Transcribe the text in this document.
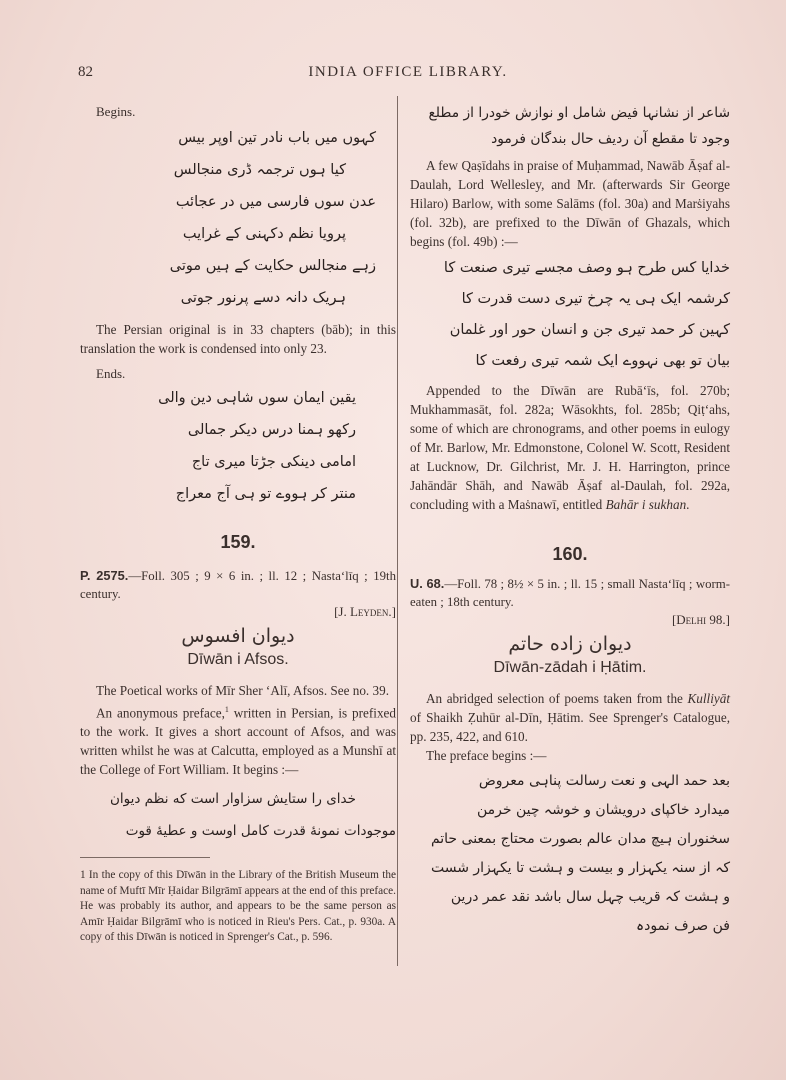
82	INDIA OFFICE LIBRARY.

Begins.

کہوں میں باب نادر تین اوپر بیس
کیا ہوں ترجمہ ڈری منجالس
عدن سوں فارسی میں در عجائب
پرویا نظم دکہنی کے غرایب
زہے منجالس حکایت کے ہیں موتی
ہریک دانہ دسے پرنور جوتی

The Persian original is in 33 chapters (bāb); in this translation the work is condensed into only 23.

Ends.

یقین ایمان سوں شاہی دین والی
رکھو ہمنا درس دیکر جمالی
امامی دینکی جڑتا میری تاج
منتر کر ہووے تو ہی آج معراج
159.

P. 2575.—Foll. 305 ; 9 × 6 in. ; ll. 12 ; Nastaʻlīq ; 19th century.

[J. Leyden.]

دیوان افسوس
Dīwān i Afsos.

The Poetical works of Mīr Sher ʻAlī, Afsos. See no. 39.

An anonymous preface,$^1$ written in Persian, is prefixed to the work. It gives a short account of Afsos, and was written whilst he was at Calcutta, employed as a Munshī at the College of Fort William. It begins :—

خدای را ستایش سزاوار است که نظم دیوان
موجودات نمونهٔ قدرت کامل اوست و عطیهٔ قوت

1 In the copy of this Dīwān in the Library of the British Museum the name of Muftī Mīr Ḥaidar Bilgrāmī appears at the end of this preface. He was probably its author, and appears to be the same person as Amīr Ḥaidar Bilgrāmī who is noticed in Rieu's Pers. Cat., p. 930a. A copy of this Dīwān is noticed in Sprenger's Cat., p. 596.

شاعر از نشانہا فیض شامل او نوازش خودرا از مطلع
وجود تا مقطع آن ردیف حال بندگان فرمود

A few Qaṣīdahs in praise of Muḥammad, Nawāb Āṣaf al-Daulah, Lord Wellesley, and Mr. (afterwards Sir George Hilaro) Barlow, with some Salāms (fol. 30a) and Marṡiyahs (fol. 32b), are prefixed to the Dīwān of Ghazals, which begins (fol. 49b) :—

خدایا کس طرح ہو وصف مجسے تیری صنعت کا
کرشمہ ایک ہی یہ چرخ تیری دست قدرت کا
کہین کر حمد تیری جن و انسان حور اور غلمان
بیان تو بھی نہووے ایک شمہ تیری رفعت کا

Appended to the Dīwān are Rubāʻīs, fol. 270b; Mukhammasāt, fol. 282a; Wāsokhts, fol. 285b; Qiṭʻahs, some of which are chronograms, and other poems in eulogy of Mr. Barlow, Mr. Edmonstone, Colonel W. Scott, Resident at Lucknow, Dr. Gilchrist, Mr. J. H. Harrington, prince Jahāndār Shāh, and Nawāb Āṣaf al-Daulah, fol. 292a, concluding with a Maṡnawī, entitled Bahār i sukhan.

160.

U. 68.—Foll. 78 ; 8½ × 5 in. ; ll. 15 ; small Nastaʻlīq ; worm-eaten ; 18th century.

[Delhi 98.]

دیوان زاده حاتم
Dīwān-zādah i Ḥātim.

An abridged selection of poems taken from the Kulliyāt of Shaikh Ẓuhūr al-Dīn, Ḥātim. See Sprenger's Catalogue, pp. 235, 422, and 610.

The preface begins :—

بعد حمد الہی و نعت رسالت پناہی معروض
میدارد خاکپای درویشان و خوشہ چین خرمن
سخنوران ہیچ مدان عالم بصورت محتاج بمعنی حاتم
کہ از سنہ یکہزار و بیست و ہشت تا یکہزار شست
و ہشت کہ قریب چہل سال باشد نقد عمر درین
فن صرف نمودہ
